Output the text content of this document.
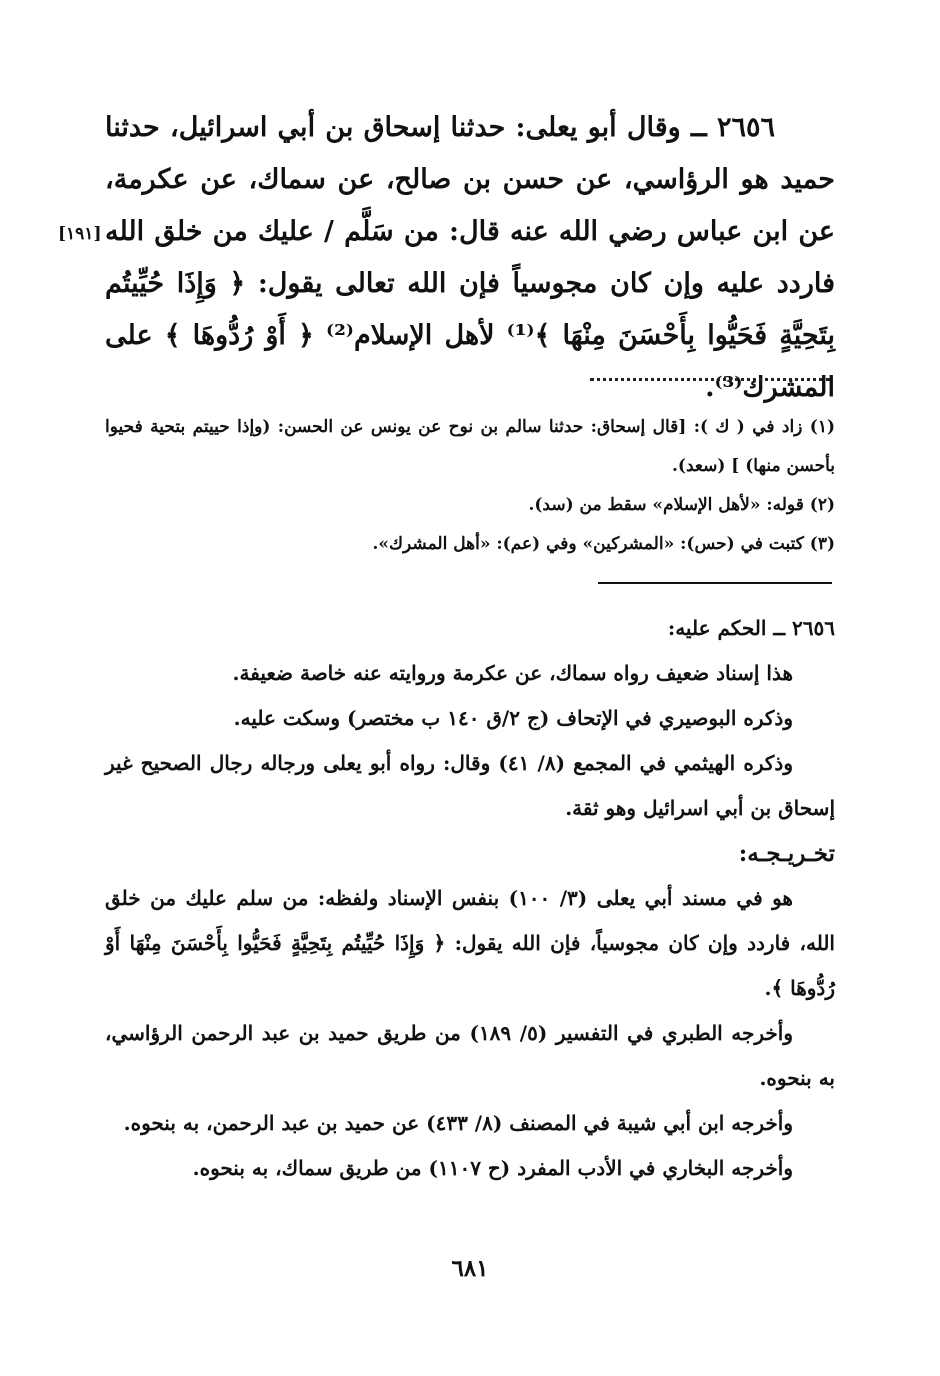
٢٦٥٦ ــ وقال أبو يعلى: حدثنا إسحاق بن أبي اسرائيل، حدثنا حميد هو الرؤاسي، عن حسن بن صالح، عن سماك، عن عكرمة، عن ابن عباس رضي الله عنه قال: من سَلَّم / عليك من خلق الله فاردد عليه وإن كان مجوسياً فإن الله تعالى يقول: ﴿ وَإِذَا حُيِّيتُم بِتَحِيَّةٍ فَحَيُّوا بِأَحْسَنَ مِنْهَا ﴾⁽¹⁾ لأهل الإسلام⁽²⁾ ﴿ أَوْ رُدُّوهَا ﴾ على المشرك⁽³⁾.

[١٩١]

(١) زاد في ( ك ): [قال إسحاق: حدثنا سالم بن نوح عن يونس عن الحسن: (وإذا حييتم بتحية فحيوا بأحسن منها) ] (سعد).

(٢) قوله: «لأهل الإسلام» سقط من (سد).

(٣) كتبت في (حس): «المشركين» وفي (عم): «أهل المشرك».

٢٦٥٦ ــ الحكم عليه:

هذا إسناد ضعيف رواه سماك، عن عكرمة وروايته عنه خاصة ضعيفة.

وذكره البوصيري في الإتحاف (ج ٢/ق ١٤٠ ب مختصر) وسكت عليه.

وذكره الهيثمي في المجمع (٨/ ٤١) وقال: رواه أبو يعلى ورجاله رجال الصحيح غير إسحاق بن أبي اسرائيل وهو ثقة.

تخـريـجـه:

هو في مسند أبي يعلى (٣/ ١٠٠) بنفس الإسناد ولفظه: من سلم عليك من خلق الله، فاردد وإن كان مجوسياً، فإن الله يقول: ﴿ وَإِذَا حُيِّيتُم بِتَحِيَّةٍ فَحَيُّوا بِأَحْسَنَ مِنْهَا أَوْ رُدُّوهَا ﴾.

وأخرجه الطبري في التفسير (٥/ ١٨٩) من طريق حميد بن عبد الرحمن الرؤاسي، به بنحوه.

وأخرجه ابن أبي شيبة في المصنف (٨/ ٤٣٣) عن حميد بن عبد الرحمن، به بنحوه.

وأخرجه البخاري في الأدب المفرد (ح ١١٠٧) من طريق سماك، به بنحوه.

٦٨١
